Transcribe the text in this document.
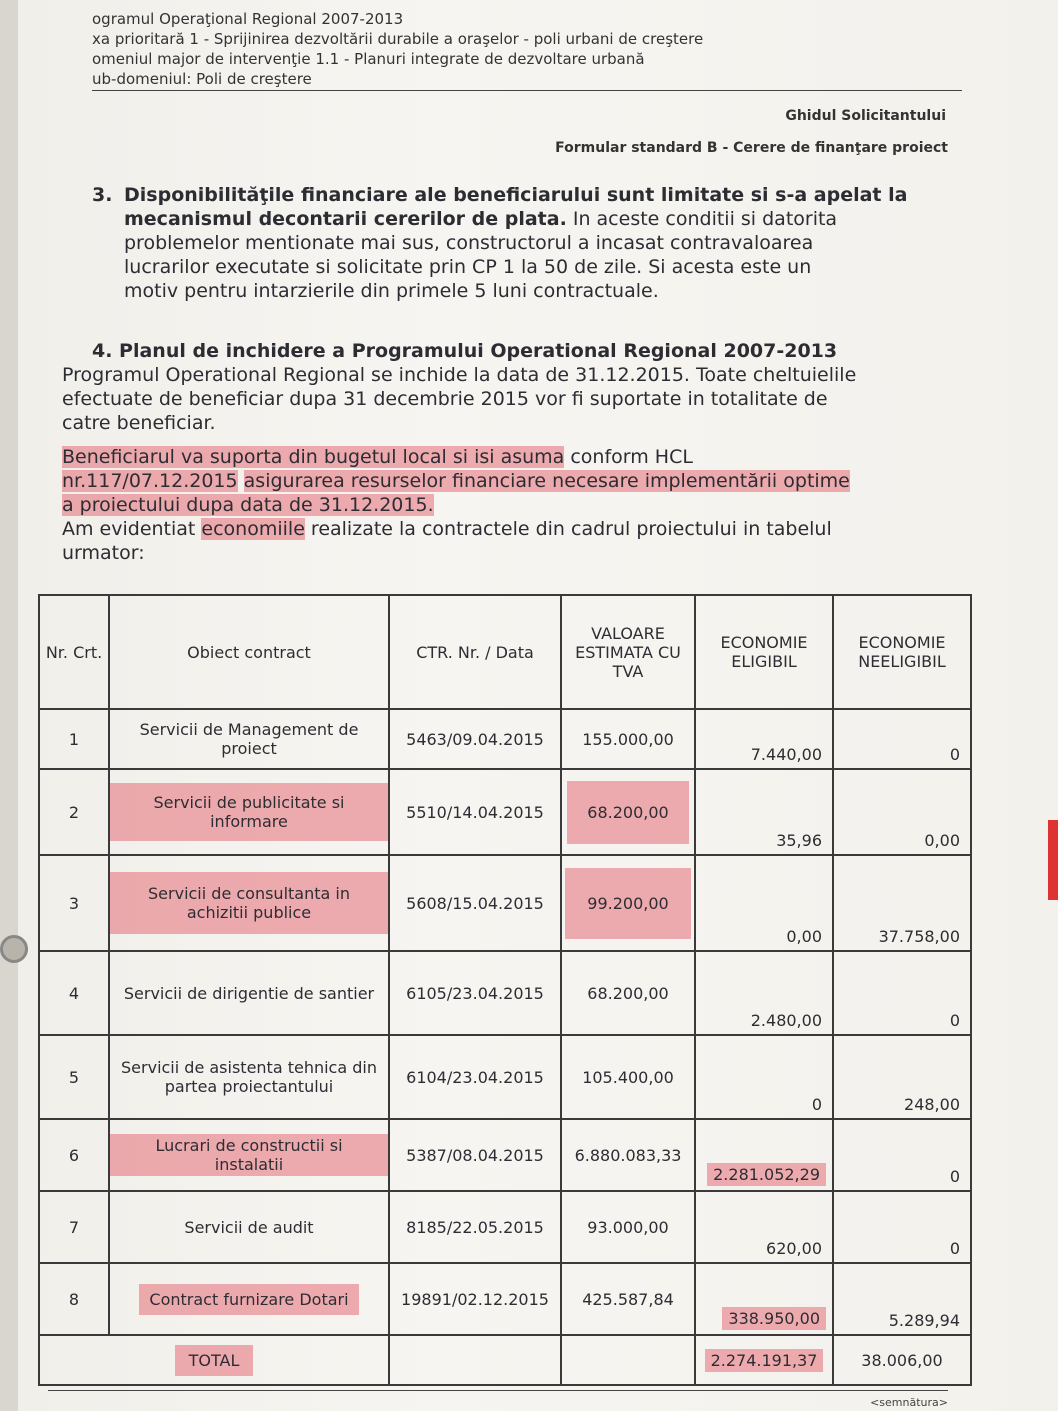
ogramul Operaţional Regional 2007-2013
xa prioritară 1 - Sprijinirea dezvoltării durabile a oraşelor - poli urbani de creştere
omeniul major de intervenţie 1.1 - Planuri integrate de dezvoltare urbană
ub-domeniul: Poli de creştere
Ghidul Solicitantului
Formular standard B - Cerere de finanţare proiect
3. Disponibilităţile financiare ale beneficiarului sunt limitate si s-a apelat la
mecanismul decontarii cererilor de plata. In aceste conditii si datorita
problemelor mentionate mai sus, constructorul a incasat contravaloarea
lucrarilor executate si solicitate prin CP 1 la 50 de zile. Si acesta este un
motiv pentru intarzierile din primele 5 luni contractuale.
4. Planul de inchidere a Programului Operational Regional 2007-2013
Programul Operational Regional se inchide la data de 31.12.2015. Toate cheltuielile
efectuate de beneficiar dupa 31 decembrie 2015 vor fi suportate in totalitate de
catre beneficiar.
Beneficiarul va suporta din bugetul local si isi asuma conform HCL
nr.117/07.12.2015 asigurarea resurselor financiare necesare implementării optime
a proiectului dupa data de 31.12.2015.
Am evidentiat economiile realizate la contractele din cadrul proiectului in tabelul
urmator:
Nr. Crt.	Obiect contract	CTR. Nr. / Data	VALOARE ESTIMATA CU TVA	ECONOMIE ELIGIBIL	ECONOMIE NEELIGIBIL
1	Servicii de Management de proiect	5463/09.04.2015	155.000,00	7.440,00	0

2	Servicii de publicitate si informare	5510/14.04.2015	68.200,00	35,96	0,00

3	Servicii de consultanta in achizitii publice	5608/15.04.2015	99.200,00	0,00	37.758,00

4	Servicii de dirigentie de santier	6105/23.04.2015	68.200,00	2.480,00	0

5	Servicii de asistenta tehnica din partea proiectantului	6104/23.04.2015	105.400,00	0	248,00

6	Lucrari de constructii si instalatii	5387/08.04.2015	6.880.083,33	2.281.052,29	0

7	Servicii de audit	8185/22.05.2015	93.000,00	620,00	0

8	Contract furnizare Dotari	19891/02.12.2015	425.587,84	338.950,00	5.289,94

TOTAL				2.274.191,37	38.006,00
<semnătura>
